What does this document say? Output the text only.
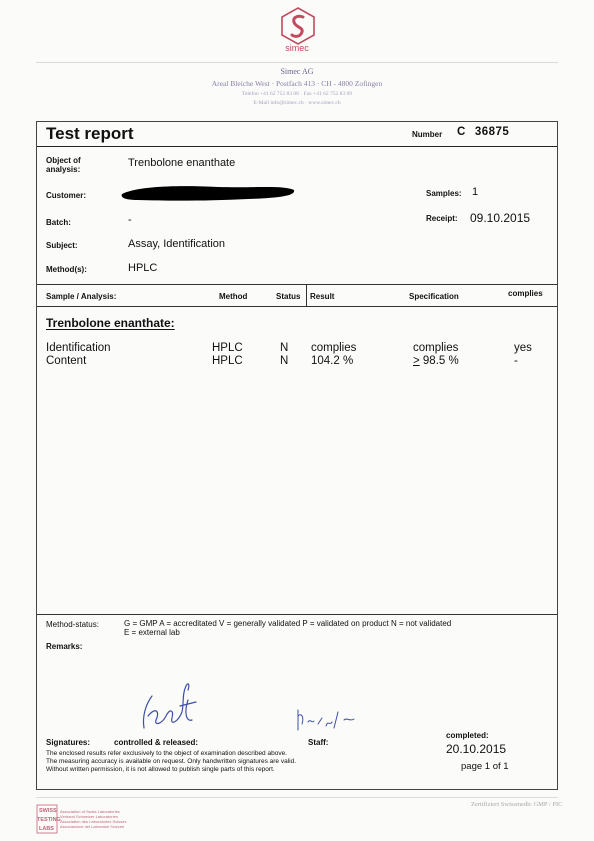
simec
Simec AG
Areal Bleiche West · Postfach 413 · CH - 4800 Zofingen
Telefon +41 62 752 83 08 · Fax +41 62 752 83 09
E-Mail info@simec.ch · www.simec.ch
Test report	Number C 36875
Object of analysis:
Trenbolone enanthate
Customer:	Samples: 1
Batch:	-	Receipt: 09.10.2015
Subject:	Assay, Identification
Method(s):	HPLC
Sample / Analysis:	Method	Status Result	Specification	complies
Trenbolone enanthate:
Identification	HPLC	N complies	complies	yes
Content	HPLC	N 104.2 %	> 98.5 %	-
Method-status:	G = GMP A = accreditated V = generally validated P = validated on product N = not validated
E = external lab
Remarks:
Signatures:	controlled & released:	Staff:
completed:
20.10.2015
page 1 of 1
The enclosed results refer exclusively to the object of examination described above.
The measuring accuracy is available on request. Only handwritten signatures are valid.
Without written permission, it is not allowed to publish single parts of this report.
SWISS
TESTING
LABS
Association of Swiss Laboratories
Verband Schweizer Laboratorien
Association des Laboratoires Suisses
Associazione dei Laboratori Svizzeri
Zertifiziert Swissmedic GMP / PIC
